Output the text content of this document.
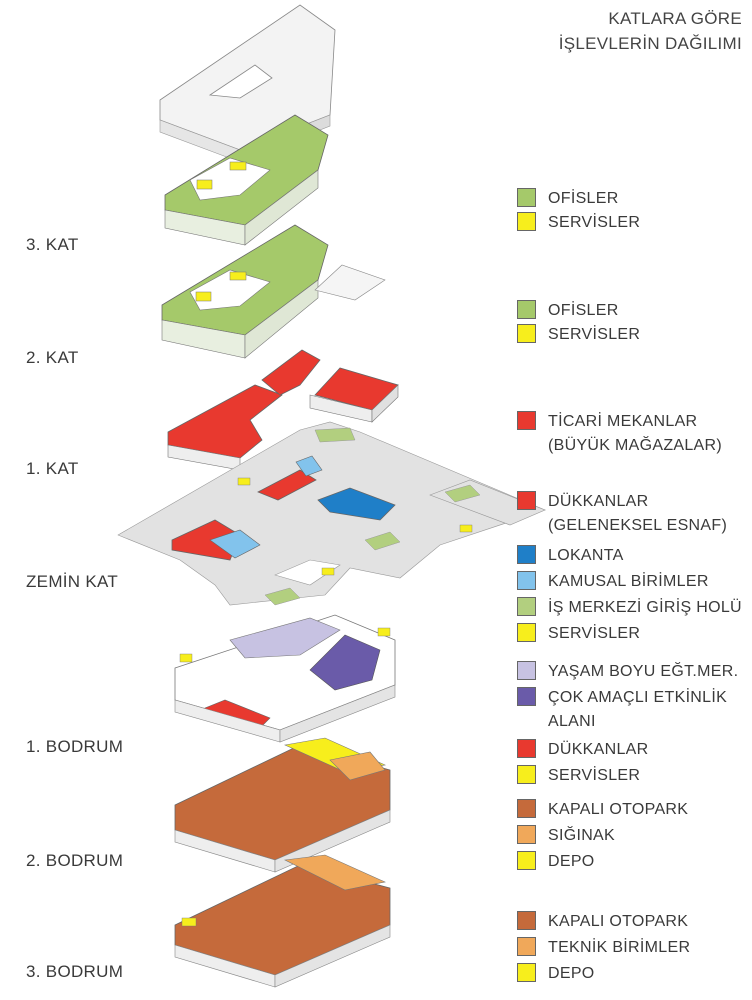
KATLARA GÖRE
İŞLEVLERİN DAĞILIMI
3. KAT
2. KAT
1. KAT
ZEMİN KAT
1. BODRUM
2. BODRUM
3. BODRUM
OFİSLER
SERVİSLER
OFİSLER
SERVİSLER
TİCARİ MEKANLAR
(BÜYÜK MAĞAZALAR)
DÜKKANLAR
(GELENEKSEL ESNAF)
LOKANTA
KAMUSAL BİRİMLER
İŞ MERKEZİ GİRİŞ HOLÜ
SERVİSLER
YAŞAM BOYU EĞT.MER.
ÇOK AMAÇLI ETKİNLİK
ALANI
DÜKKANLAR
SERVİSLER
KAPALI OTOPARK
SIĞINAK
DEPO
KAPALI OTOPARK
TEKNİK BİRİMLER
DEPO
